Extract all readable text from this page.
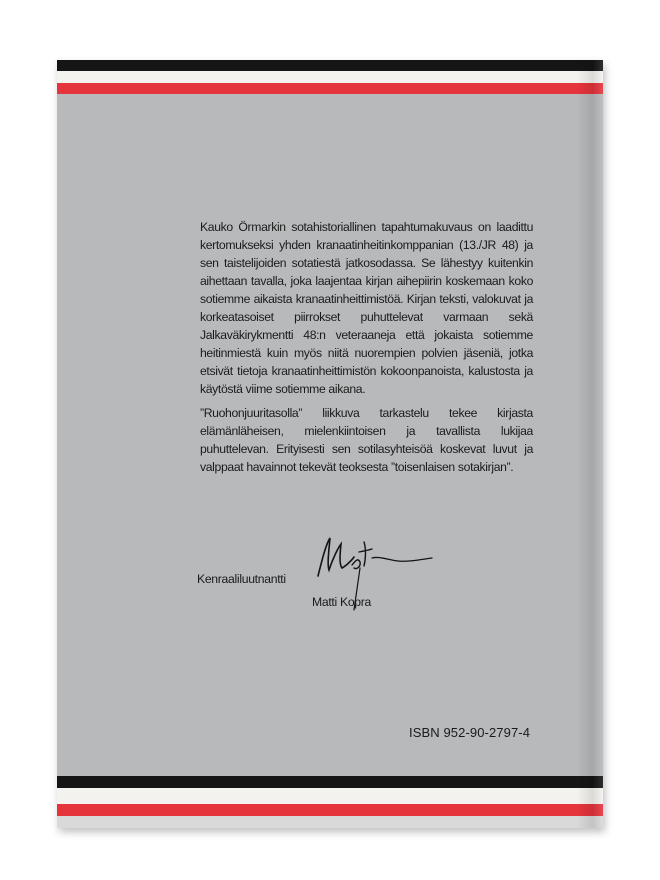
Kauko Örmarkin sotahistoriallinen tapahtumakuvaus on laadittu kertomukseksi yhden kranaatinheitinkomppanian (13./JR 48) ja sen taistelijoiden sotatiestä jatkosodassa. Se lähestyy kuitenkin aihettaan tavalla, joka laajentaa kirjan aihepiirin koskemaan koko sotiemme aikaista kranaatinheittimistöä. Kirjan teksti, valokuvat ja korkeatasoiset piirrokset puhuttelevat varmaan sekä Jalkaväkirykmentti 48:n veteraaneja että jokaista sotiemme heitinmiestä kuin myös niitä nuorempien polvien jäseniä, jotka etsivät tietoja kranaatinheittimistön kokoonpanoista, kalustosta ja käytöstä viime sotiemme aikana.

”Ruohonjuuritasolla” liikkuva tarkastelu tekee kirjasta elämänläheisen, mielenkiintoisen ja tavallista lukijaa puhuttelevan. Erityisesti sen sotilasyhteisöä koskevat luvut ja valppaat havainnot tekevät teoksesta ”toisenlaisen sotakirjan”.

Kenraaliluutnantti
Matti Kopra
ISBN 952-90-2797-4
